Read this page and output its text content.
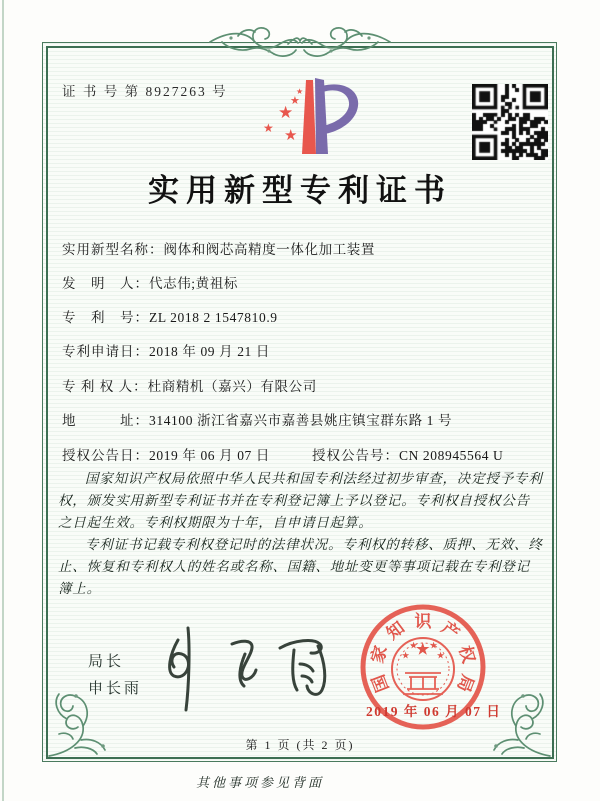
证 书 号 第 8927263 号
★
★
★ ★
★
实用新型专利证书
实用新型名称：阀体和阀芯高精度一体化加工装置
发　明　人：代志伟;黄祖标
专　利　号：ZL 2018 2 1547810.9
专利申请日：2018 年 09 月 21 日
专 利 权 人：杜商精机（嘉兴）有限公司
地　　　址：314100 浙江省嘉兴市嘉善县姚庄镇宝群东路 1 号
授权公告日：2019 年 06 月 07 日	授权公告号：CN 208945564 U

国家知识产权局依照中华人民共和国专利法经过初步审查，决定授予专利权，颁发实用新型专利证书并在专利登记簿上予以登记。专利权自授权公告之日起生效。专利权期限为十年，自申请日起算。

专利证书记载专利权登记时的法律状况。专利权的转移、质押、无效、终止、恢复和专利权人的姓名或名称、国籍、地址变更等事项记载在专利登记簿上。

局长
申长雨	国
家
知 识 产
权
局
★
★
★ ★
★
2019 年 06 月 07 日
第 1 页 (共 2 页)
其他事项参见背面
